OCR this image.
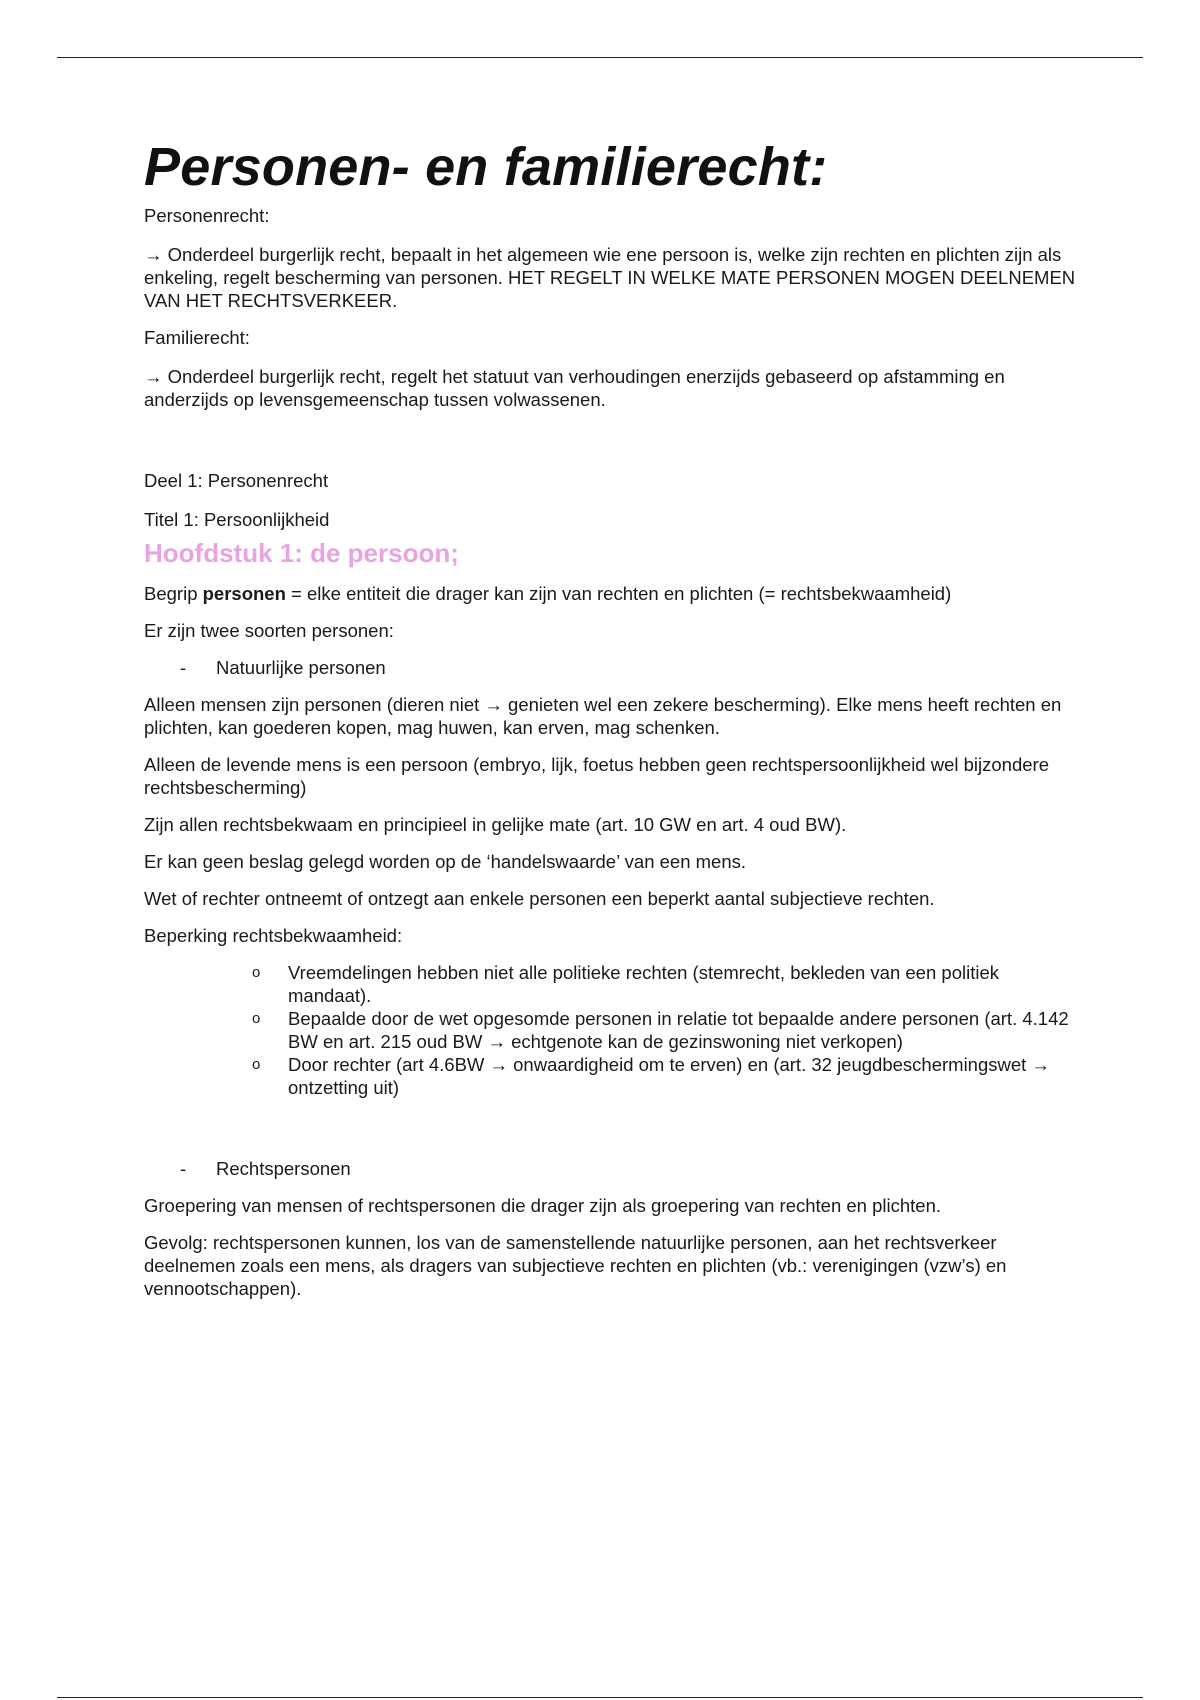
Personen- en familierecht:

Personenrecht:

→ Onderdeel burgerlijk recht, bepaalt in het algemeen wie ene persoon is, welke zijn rechten en plichten zijn als enkeling, regelt bescherming van personen. HET REGELT IN WELKE MATE PERSONEN MOGEN DEELNEMEN VAN HET RECHTSVERKEER.

Familierecht:

→ Onderdeel burgerlijk recht, regelt het statuut van verhoudingen enerzijds gebaseerd op afstamming en anderzijds op levensgemeenschap tussen volwassenen.

Deel 1: Personenrecht

Titel 1: Persoonlijkheid

Hoofdstuk 1: de persoon;

Begrip personen = elke entiteit die drager kan zijn van rechten en plichten (= rechtsbekwaamheid)

Er zijn twee soorten personen:

-	Natuurlijke personen

Alleen mensen zijn personen (dieren niet → genieten wel een zekere bescherming). Elke mens heeft rechten en plichten, kan goederen kopen, mag huwen, kan erven, mag schenken.

Alleen de levende mens is een persoon (embryo, lijk, foetus hebben geen rechtspersoonlijkheid wel bijzondere rechtsbescherming)

Zijn allen rechtsbekwaam en principieel in gelijke mate (art. 10 GW en art. 4 oud BW).

Er kan geen beslag gelegd worden op de ‘handelswaarde’ van een mens.

Wet of rechter ontneemt of ontzegt aan enkele personen een beperkt aantal subjectieve rechten.

Beperking rechtsbekwaamheid:

o	Vreemdelingen hebben niet alle politieke rechten (stemrecht, bekleden van een politiek mandaat).
o	Bepaalde door de wet opgesomde personen in relatie tot bepaalde andere personen (art. 4.142 BW en art. 215 oud BW → echtgenote kan de gezinswoning niet verkopen)
o	Door rechter (art 4.6BW → onwaardigheid om te erven) en (art. 32 jeugdbeschermingswet → ontzetting uit)
-	Rechtspersonen

Groepering van mensen of rechtspersonen die drager zijn als groepering van rechten en plichten.

Gevolg: rechtspersonen kunnen, los van de samenstellende natuurlijke personen, aan het rechtsverkeer deelnemen zoals een mens, als dragers van subjectieve rechten en plichten (vb.: verenigingen (vzw’s) en vennootschappen).
